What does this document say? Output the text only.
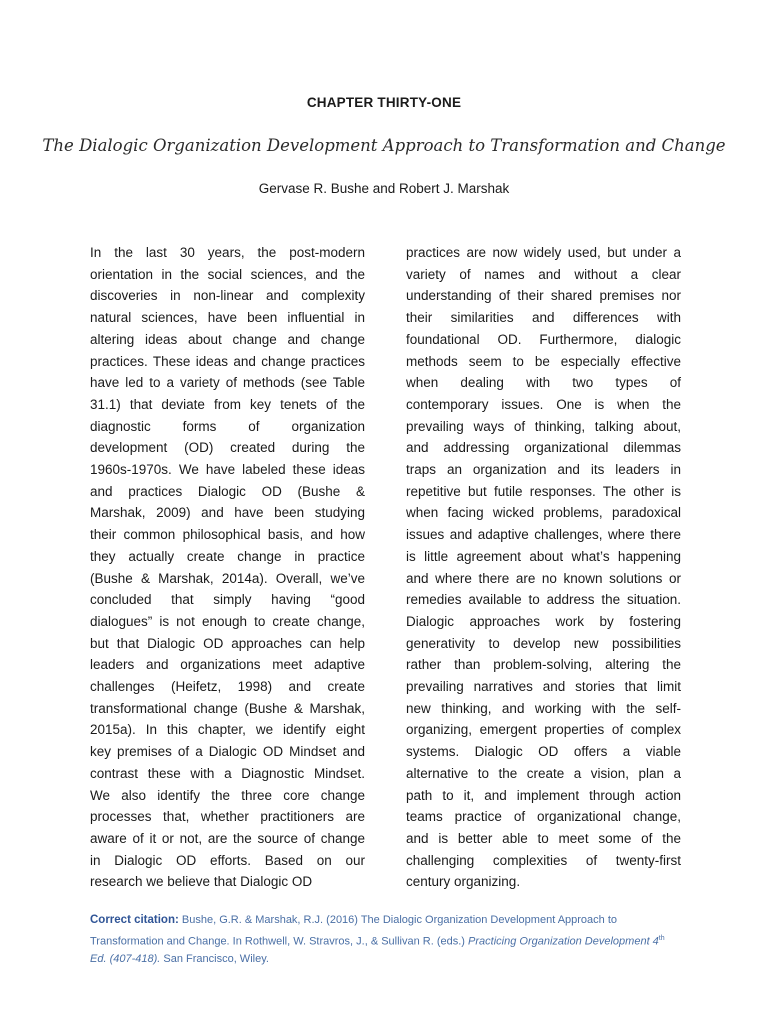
CHAPTER THIRTY-ONE
The Dialogic Organization Development Approach to Transformation and Change
Gervase R. Bushe and Robert J. Marshak

In the last 30 years, the post-modern

orientation in the social sciences, and the

discoveries in non-linear and complexity

natural sciences, have been influential in

altering ideas about change and change

practices. These ideas and change practices

have led to a variety of methods (see Table

31.1) that deviate from key tenets of the

diagnostic forms of organization

development (OD) created during the

1960s-1970s. We have labeled these ideas

and practices Dialogic OD (Bushe &

Marshak, 2009) and have been studying

their common philosophical basis, and how

they actually create change in practice

(Bushe & Marshak, 2014a). Overall, we’ve

concluded that simply having “good

dialogues” is not enough to create change,

but that Dialogic OD approaches can help

leaders and organizations meet adaptive

challenges (Heifetz, 1998) and create

transformational change (Bushe & Marshak,

2015a). In this chapter, we identify eight

key premises of a Dialogic OD Mindset and

contrast these with a Diagnostic Mindset.

We also identify the three core change

processes that, whether practitioners are

aware of it or not, are the source of change

in Dialogic OD efforts. Based on our

research we believe that Dialogic OD

practices are now widely used, but under a

variety of names and without a clear

understanding of their shared premises nor

their similarities and differences with

foundational OD. Furthermore, dialogic

methods seem to be especially effective

when dealing with two types of

contemporary issues. One is when the

prevailing ways of thinking, talking about,

and addressing organizational dilemmas

traps an organization and its leaders in

repetitive but futile responses. The other is

when facing wicked problems, paradoxical

issues and adaptive challenges, where there

is little agreement about what’s happening

and where there are no known solutions or

remedies available to address the situation.

Dialogic approaches work by fostering

generativity to develop new possibilities

rather than problem-solving, altering the

prevailing narratives and stories that limit

new thinking, and working with the self-

organizing, emergent properties of complex

systems. Dialogic OD offers a viable

alternative to the create a vision, plan a

path to it, and implement through action

teams practice of organizational change,

and is better able to meet some of the

challenging complexities of twenty-first

century organizing.

Correct citation: Bushe, G.R. & Marshak, R.J. (2016) The Dialogic Organization Development Approach to
Transformation and Change. In Rothwell, W. Stravros, J., & Sullivan R. (eds.) Practicing Organization Development 4th
Ed. (407-418). San Francisco, Wiley.
